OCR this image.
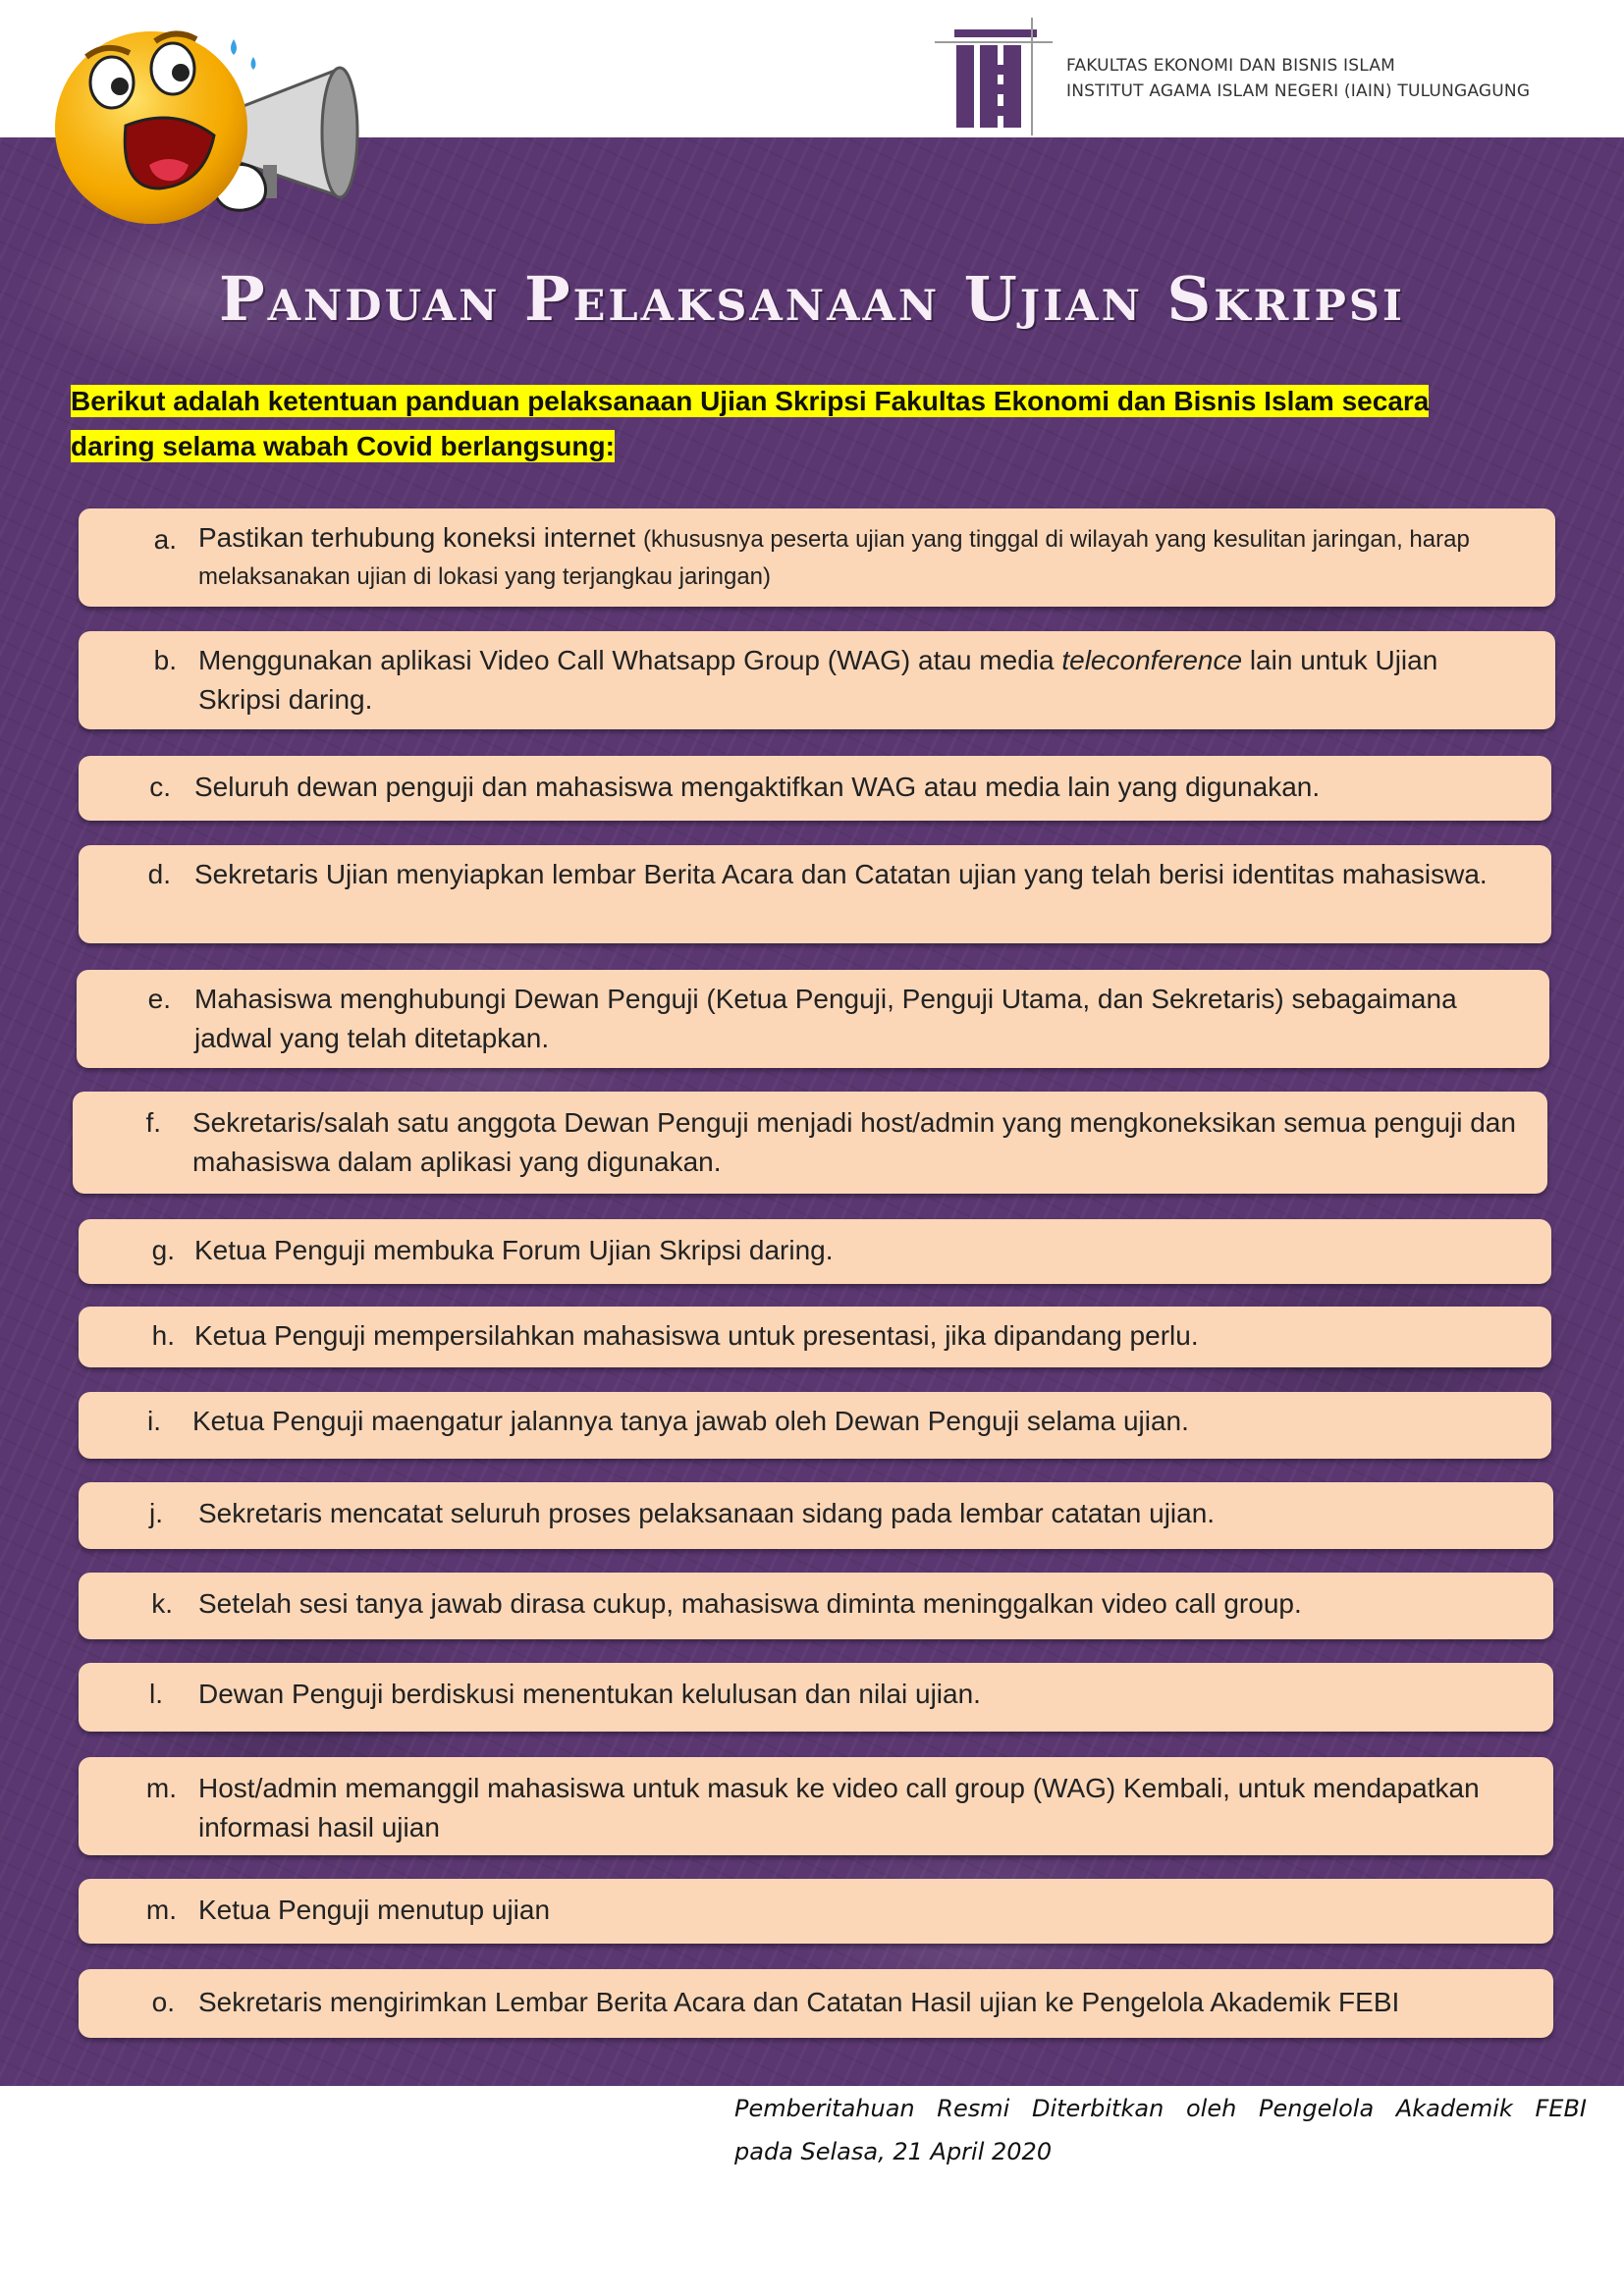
FAKULTAS EKONOMI DAN BISNIS ISLAM
INSTITUT AGAMA ISLAM NEGERI (IAIN) TULUNGAGUNG
Panduan Pelaksanaan Ujian Skripsi
Berikut adalah ketentuan panduan pelaksanaan Ujian Skripsi Fakultas Ekonomi dan Bisnis Islam secara
daring selama wabah Covid berlangsung:
a. Pastikan terhubung koneksi internet (khususnya peserta ujian yang tinggal di wilayah yang kesulitan jaringan, harap melaksanakan ujian di lokasi yang terjangkau jaringan)
b. Menggunakan aplikasi Video Call Whatsapp Group (WAG) atau media teleconference lain untuk Ujian Skripsi daring.
c. Seluruh dewan penguji dan mahasiswa mengaktifkan WAG atau media lain yang digunakan.
d. Sekretaris Ujian menyiapkan lembar Berita Acara dan Catatan ujian yang telah berisi identitas mahasiswa.
e. Mahasiswa menghubungi Dewan Penguji (Ketua Penguji, Penguji Utama, dan Sekretaris) sebagaimana jadwal yang telah ditetapkan.
f. Sekretaris/salah satu anggota Dewan Penguji menjadi host/admin yang mengkoneksikan semua penguji dan mahasiswa dalam aplikasi yang digunakan.
g. Ketua Penguji membuka Forum Ujian Skripsi daring.
h. Ketua Penguji mempersilahkan mahasiswa untuk presentasi, jika dipandang perlu.
i. Ketua Penguji maengatur jalannya tanya jawab oleh Dewan Penguji selama ujian.
j. Sekretaris mencatat seluruh proses pelaksanaan sidang pada lembar catatan ujian.
k. Setelah sesi tanya jawab dirasa cukup, mahasiswa diminta meninggalkan video call group.
l. Dewan Penguji berdiskusi menentukan kelulusan dan nilai ujian.
m. Host/admin memanggil mahasiswa untuk masuk ke video call group (WAG) Kembali, untuk mendapatkan informasi hasil ujian
m. Ketua Penguji menutup ujian
o. Sekretaris mengirimkan Lembar Berita Acara dan Catatan Hasil ujian ke Pengelola Akademik FEBI
Pemberitahuan Resmi Diterbitkan oleh Pengelola Akademik FEBI
pada Selasa, 21 April 2020
